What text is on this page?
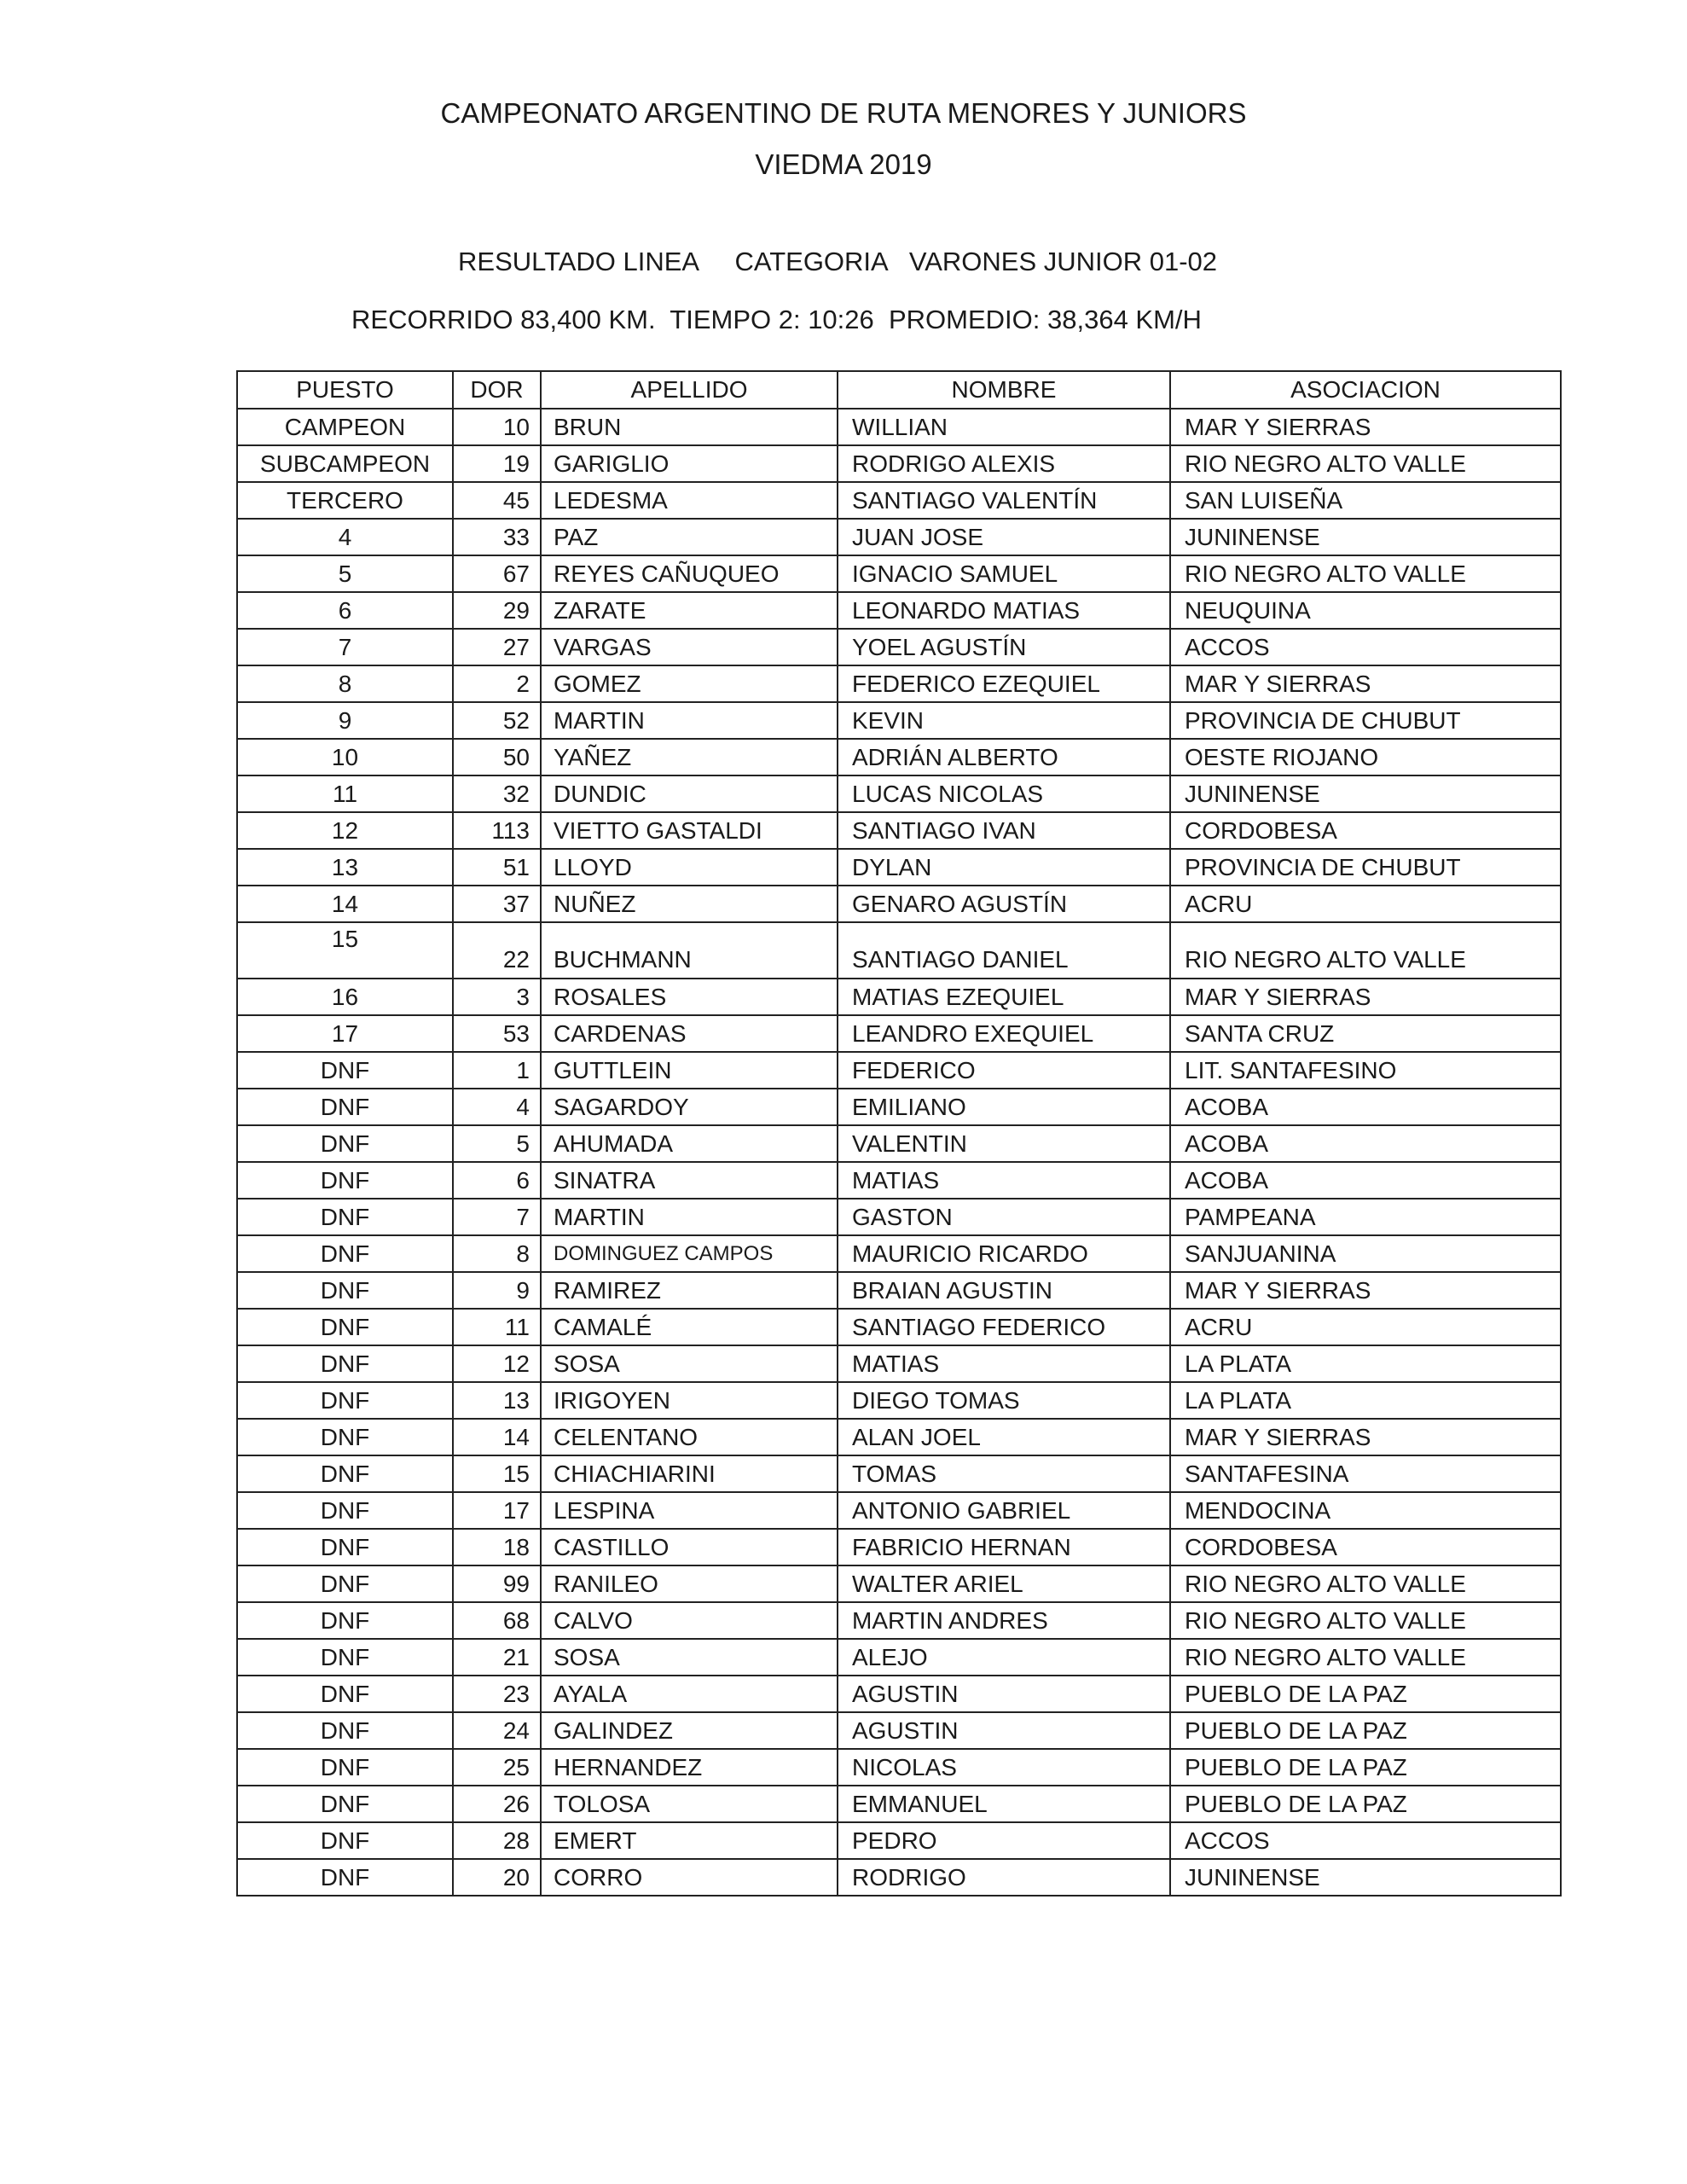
CAMPEONATO ARGENTINO DE RUTA MENORES Y JUNIORS
VIEDMA 2019
RESULTADO LINEA     CATEGORIA   VARONES JUNIOR 01-02
RECORRIDO 83,400 KM.  TIEMPO 2: 10:26  PROMEDIO: 38,364 KM/H
PUESTO	DOR	APELLIDO	NOMBRE	ASOCIACION
CAMPEON	10	BRUN	WILLIAN	MAR Y SIERRAS
SUBCAMPEON	19	GARIGLIO	RODRIGO ALEXIS	RIO NEGRO ALTO VALLE
TERCERO	45	LEDESMA	SANTIAGO VALENTÍN	SAN LUISEÑA
4	33	PAZ	JUAN JOSE	JUNINENSE
5	67	REYES CAÑUQUEO	IGNACIO SAMUEL	RIO NEGRO ALTO VALLE
6	29	ZARATE	LEONARDO MATIAS	NEUQUINA
7	27	VARGAS	YOEL AGUSTÍN	ACCOS
8	2	GOMEZ	FEDERICO EZEQUIEL	MAR Y SIERRAS
9	52	MARTIN	KEVIN	PROVINCIA DE CHUBUT
10	50	YAÑEZ	ADRIÁN ALBERTO	OESTE RIOJANO
11	32	DUNDIC	LUCAS NICOLAS	JUNINENSE
12	113	VIETTO GASTALDI	SANTIAGO IVAN	CORDOBESA
13	51	LLOYD	DYLAN	PROVINCIA DE CHUBUT
14	37	NUÑEZ	GENARO AGUSTÍN	ACRU
15	22	BUCHMANN	SANTIAGO DANIEL	RIO NEGRO ALTO VALLE
16	3	ROSALES	MATIAS EZEQUIEL	MAR Y SIERRAS
17	53	CARDENAS	LEANDRO EXEQUIEL	SANTA CRUZ
DNF	1	GUTTLEIN	FEDERICO	LIT. SANTAFESINO
DNF	4	SAGARDOY	EMILIANO	ACOBA
DNF	5	AHUMADA	VALENTIN	ACOBA
DNF	6	SINATRA	MATIAS	ACOBA
DNF	7	MARTIN	GASTON	PAMPEANA
DNF	8	DOMINGUEZ CAMPOS	MAURICIO RICARDO	SANJUANINA
DNF	9	RAMIREZ	BRAIAN AGUSTIN	MAR Y SIERRAS
DNF	11	CAMALÉ	SANTIAGO FEDERICO	ACRU
DNF	12	SOSA	MATIAS	LA PLATA
DNF	13	IRIGOYEN	DIEGO TOMAS	LA PLATA
DNF	14	CELENTANO	ALAN JOEL	MAR Y SIERRAS
DNF	15	CHIACHIARINI	TOMAS	SANTAFESINA
DNF	17	LESPINA	ANTONIO GABRIEL	MENDOCINA
DNF	18	CASTILLO	FABRICIO HERNAN	CORDOBESA
DNF	99	RANILEO	WALTER ARIEL	RIO NEGRO ALTO VALLE
DNF	68	CALVO	MARTIN ANDRES	RIO NEGRO ALTO VALLE
DNF	21	SOSA	ALEJO	RIO NEGRO ALTO VALLE
DNF	23	AYALA	AGUSTIN	PUEBLO DE LA PAZ
DNF	24	GALINDEZ	AGUSTIN	PUEBLO DE LA PAZ
DNF	25	HERNANDEZ	NICOLAS	PUEBLO DE LA PAZ
DNF	26	TOLOSA	EMMANUEL	PUEBLO DE LA PAZ
DNF	28	EMERT	PEDRO	ACCOS
DNF	20	CORRO	RODRIGO	JUNINENSE
